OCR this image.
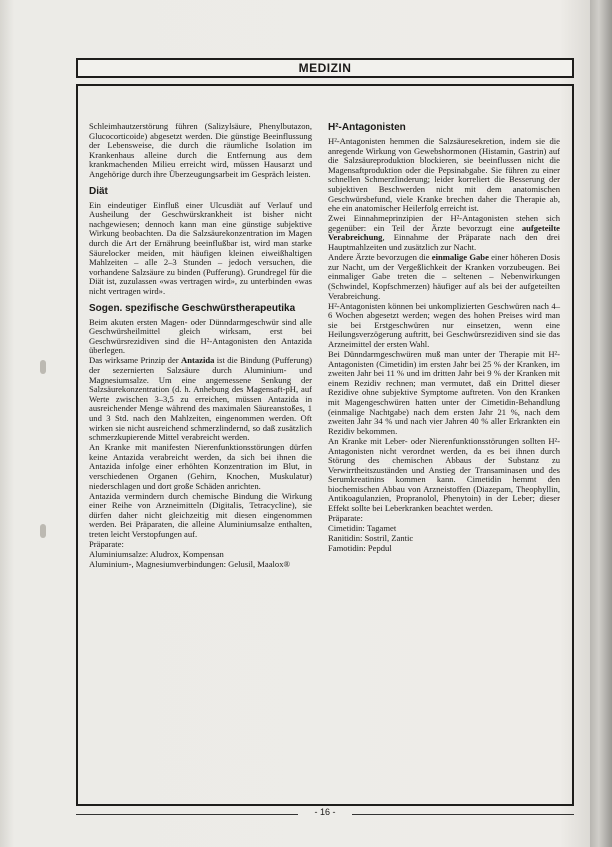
MEDIZIN

Schleimhautzerstörung führen (Salizylsäure, Phenylbutazon, Glucocorticoide) abgesetzt werden. Die günstige Beeinflussung der Lebensweise, die durch die räumliche Isolation im Krankenhaus alleine durch die Entfernung aus dem krankmachenden Milieu erreicht wird, müssen Hausarzt und Angehörige durch ihre Überzeugungsarbeit im Gespräch leisten.

Diät

Ein eindeutiger Einfluß einer Ulcusdiät auf Verlauf und Ausheilung der Geschwürskrankheit ist bisher nicht nachgewiesen; dennoch kann man eine günstige subjektive Wirkung beobachten. Da die Salzsäurekonzentration im Magen durch die Art der Ernährung beeinflußbar ist, wird man starke Säurelocker meiden, mit häufigen kleinen eiweißhaltigen Mahlzeiten – alle 2–3 Stunden – jedoch versuchen, die vorhandene Salzsäure zu binden (Pufferung). Grundregel für die Diät ist, zuzulassen «was vertragen wird», zu unterbinden «was nicht vertragen wird».

Sogen. spezifische Geschwürstherapeutika

Beim akuten ersten Magen- oder Dünndarmgeschwür sind alle Geschwürsheilmittel gleich wirksam, erst bei Geschwürsrezidiven sind die H²-Antagonisten den Antazida überlegen.

Das wirksame Prinzip der Antazida ist die Bindung (Pufferung) der sezernierten Salzsäure durch Aluminium- und Magnesiumsalze. Um eine angemessene Senkung der Salzsäurekonzentration (d. h. Anhebung des Magensaft-pH, auf Werte zwischen 3–3,5 zu erreichen, müssen Antazida in ausreichender Menge während des maximalen Säureanstoßes, 1 und 3 Std. nach den Mahlzeiten, eingenommen werden. Oft wirken sie nicht ausreichend schmerzlindernd, so daß zusätzlich schmerzkupierende Mittel verabreicht werden.

An Kranke mit manifesten Nierenfunktionsstörungen dürfen keine Antazida verabreicht werden, da sich bei ihnen die Antazida infolge einer erhöhten Konzentration im Blut, in verschiedenen Organen (Gehirn, Knochen, Muskulatur) niederschlagen und dort große Schäden anrichten.

Antazida vermindern durch chemische Bindung die Wirkung einer Reihe von Arzneimitteln (Digitalis, Tetracycline), sie dürfen daher nicht gleichzeitig mit diesen eingenommen werden. Bei Präparaten, die alleine Aluminiumsalze enthalten, treten leicht Verstopfungen auf.

Präparate:

Aluminiumsalze: Aludrox, Kompensan

Aluminium-, Magnesiumverbindungen: Gelusil, Maalox®

H²-Antagonisten

H²-Antagonisten hemmen die Salzsäuresekretion, indem sie die anregende Wirkung von Gewebshormonen (Histamin, Gastrin) auf die Salzsäureproduktion blockieren, sie beeinflussen nicht die Magensaftproduktion oder die Pepsinabgabe. Sie führen zu einer schnellen Schmerzlinderung; leider korreliert die Besserung der subjektiven Beschwerden nicht mit dem anatomischen Geschwürsbefund, viele Kranke brechen daher die Therapie ab, ehe ein anatomischer Heilerfolg erreicht ist.

Zwei Einnahmeprinzipien der H²-Antagonisten stehen sich gegenüber: ein Teil der Ärzte bevorzugt eine aufgeteilte Verabreichung, Einnahme der Präparate nach den drei Hauptmahlzeiten und zusätzlich zur Nacht.

Andere Ärzte bevorzugen die einmalige Gabe einer höheren Dosis zur Nacht, um der Vergeßlichkeit der Kranken vorzubeugen. Bei einmaliger Gabe treten die – seltenen – Nebenwirkungen (Schwindel, Kopfschmerzen) häufiger auf als bei der aufgeteilten Verabreichung.

H²-Antagonisten können bei unkomplizierten Geschwüren nach 4–6 Wochen abgesetzt werden; wegen des hohen Preises wird man sie bei Erstgeschwüren nur einsetzen, wenn eine Heilungsverzögerung auftritt, bei Geschwürsrezidiven sind sie das Arzneimittel der ersten Wahl.

Bei Dünndarmgeschwüren muß man unter der Therapie mit H²-Antagonisten (Cimetidin) im ersten Jahr bei 25 % der Kranken, im zweiten Jahr bei 11 % und im dritten Jahr bei 9 % der Kranken mit einem Rezidiv rechnen; man vermutet, daß ein Drittel dieser Rezidive ohne subjektive Symptome auftreten. Von den Kranken mit Magengeschwüren hatten unter der Cimetidin-Behandlung (einmalige Nachtgabe) nach dem ersten Jahr 21 %, nach dem zweiten Jahr 34 % und nach vier Jahren 40 % aller Erkrankten ein Rezidiv bekommen.

An Kranke mit Leber- oder Nierenfunktionsstörungen sollten H²-Antagonisten nicht verordnet werden, da es bei ihnen durch Störung des chemischen Abbaus der Substanz zu Verwirrtheitszuständen und Anstieg der Transaminasen und des Serumkreatinins kommen kann. Cimetidin hemmt den biochemischen Abbau von Arzneistoffen (Diazepam, Theophyllin, Antikoagulanzien, Propranolol, Phenytoin) in der Leber; dieser Effekt sollte bei Leberkranken beachtet werden.

Präparate:

Cimetidin: Tagamet

Ranitidin: Sostril, Zantic

Famotidin: Pepdul

- 16 -
